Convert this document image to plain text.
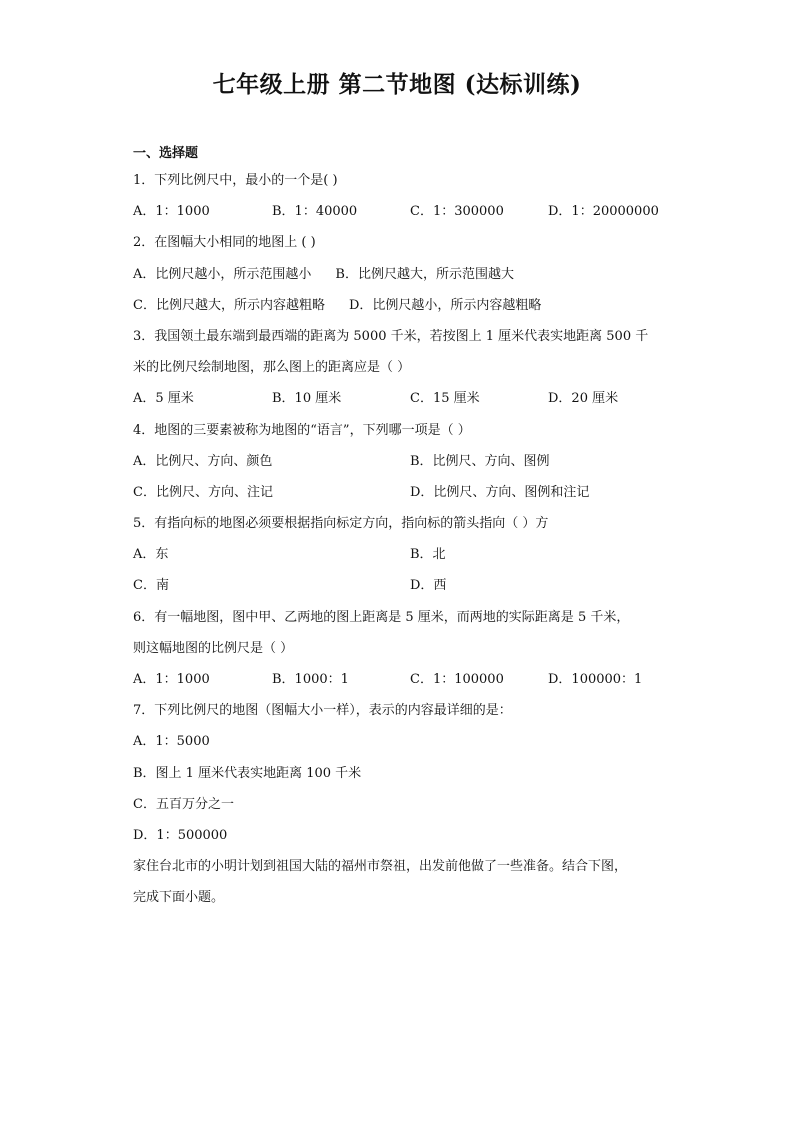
七年级上册 第二节地图 (达标训练)
一、选择题
1．下列比例尺中，最小的一个是( )
A．1：1000	B．1：40000	C．1：300000	D．1：20000000
2．在图幅大小相同的地图上 ( )
A．比例尺越小，所示范围越小 B．比例尺越大，所示范围越大
C．比例尺越大，所示内容越粗略 D．比例尺越小，所示内容越粗略
3．我国领土最东端到最西端的距离为 5000 千米，若按图上 1 厘米代表实地距离 500 千
米的比例尺绘制地图，那么图上的距离应是（ ）
A．5 厘米	B．10 厘米	C．15 厘米	D．20 厘米
4．地图的三要素被称为地图的“语言”，下列哪一项是（ ）
A．比例尺、方向、颜色	B．比例尺、方向、图例
C．比例尺、方向、注记	D．比例尺、方向、图例和注记
5．有指向标的地图必须要根据指向标定方向，指向标的箭头指向（ ）方
A．东	B．北
C．南	D．西
6．有一幅地图，图中甲、乙两地的图上距离是 5 厘米，而两地的实际距离是 5 千米，
则这幅地图的比例尺是（ ）
A．1：1000	B．1000：1	C．1：100000	D．100000：1
7．下列比例尺的地图（图幅大小一样），表示的内容最详细的是：
A．1：5000
B．图上 1 厘米代表实地距离 100 千米
C．五百万分之一
D．1：500000
家住台北市的小明计划到祖国大陆的福州市祭祖，出发前他做了一些准备。结合下图，
完成下面小题。
